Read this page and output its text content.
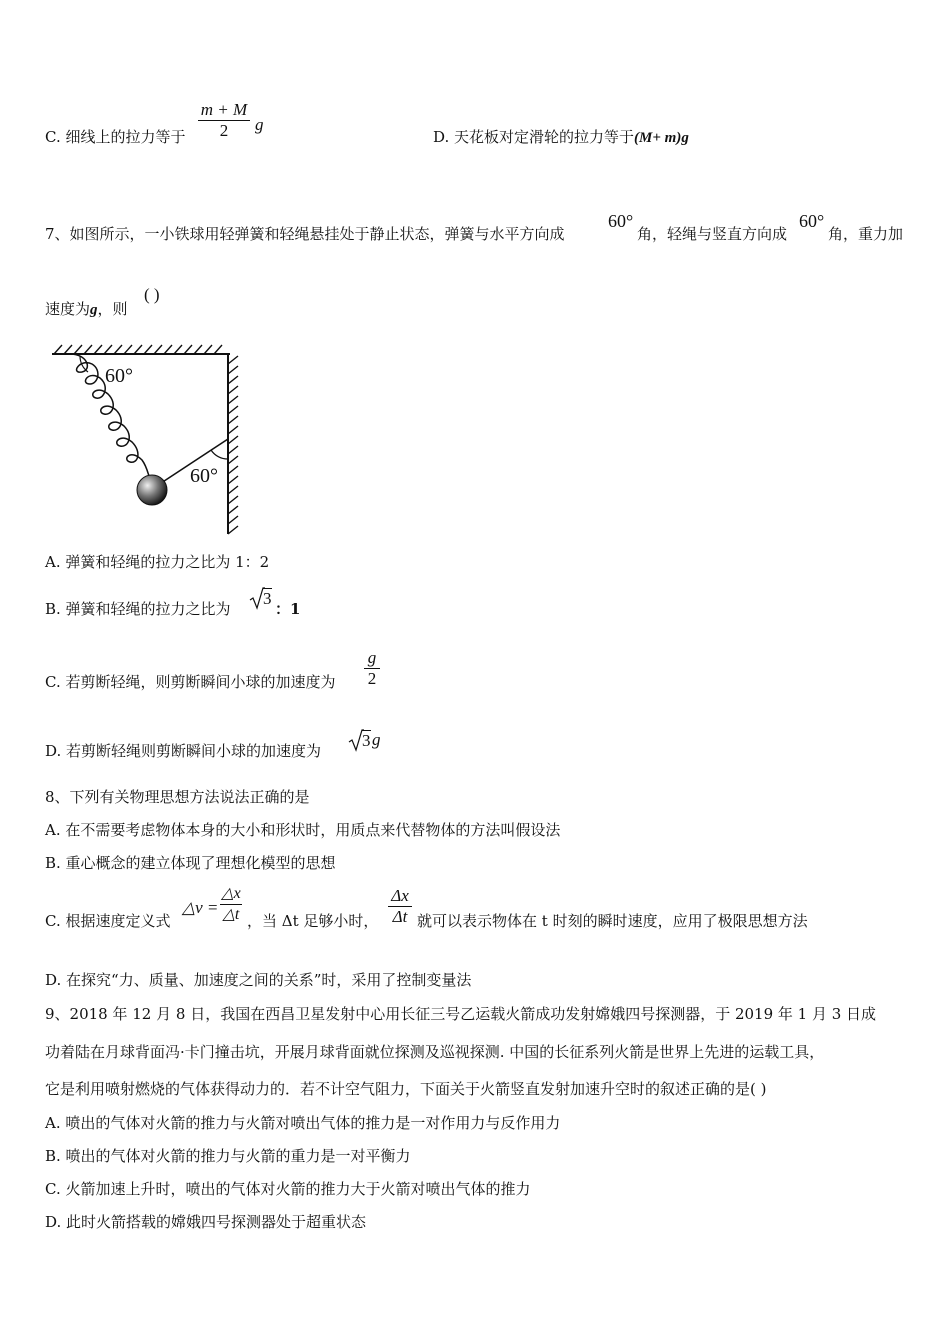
C. 细线上的拉力等于
m + M
2	g
D. 天花板对定滑轮的拉力等于(M+ m)g
7、如图所示，一小铁球用轻弹簧和轻绳悬挂处于静止状态，弹簧与水平方向成
60°
角，轻绳与竖直方向成
60°
角，重力加
速度为g，则
( )
60°
60°
A. 弹簧和轻绳的拉力之比为 1：2
B. 弹簧和轻绳的拉力之比为
3
：1
C. 若剪断轻绳，则剪断瞬间小球的加速度为
g
2
D. 若剪断轻绳则剪断瞬间小球的加速度为
3 g
8、下列有关物理思想方法说法正确的是
A. 在不需要考虑物体本身的大小和形状时，用质点来代替物体的方法叫假设法
B. 重心概念的建立体现了理想化模型的思想
C. 根据速度定义式
△v =
△x
△t ，当 Δt 足够小时，
Δx
Δt 就可以表示物体在 t 时刻的瞬时速度，应用了极限思想方法
D. 在探究“力、质量、加速度之间的关系”时，采用了控制变量法
9、2018 年 12 月 8 日，我国在西昌卫星发射中心用长征三号乙运载火箭成功发射嫦娥四号探测器，于 2019 年 1 月 3 日成
功着陆在月球背面冯·卡门撞击坑，开展月球背面就位探测及巡视探测. 中国的长征系列火箭是世界上先进的运载工具，
它是利用喷射燃烧的气体获得动力的．若不计空气阻力，下面关于火箭竖直发射加速升空时的叙述正确的是( )
A. 喷出的气体对火箭的推力与火箭对喷出气体的推力是一对作用力与反作用力
B. 喷出的气体对火箭的推力与火箭的重力是一对平衡力
C. 火箭加速上升时，喷出的气体对火箭的推力大于火箭对喷出气体的推力
D. 此时火箭搭载的嫦娥四号探测器处于超重状态
